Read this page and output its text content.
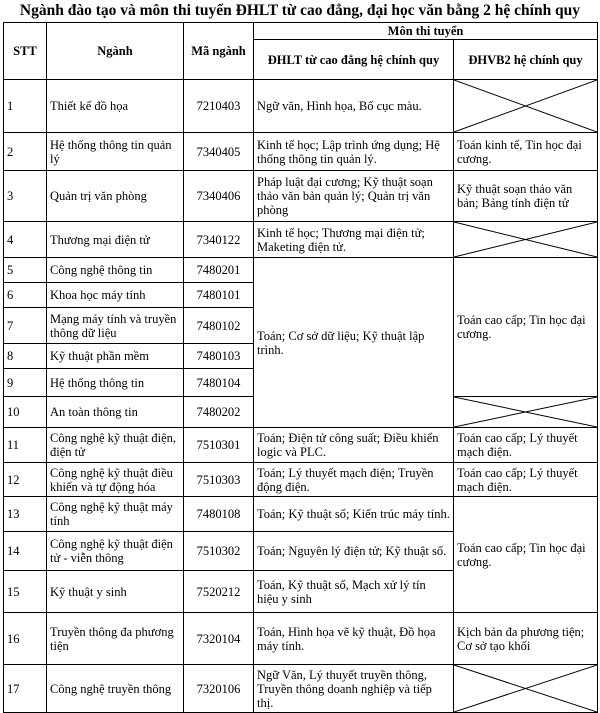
Ngành đào tạo và môn thi tuyển ĐHLT từ cao đẳng, đại học văn bằng 2 hệ chính quy
STT	Ngành	Mã ngành	Môn thi tuyển	
			ĐHLT từ cao đẳng hệ chính quy	ĐHVB2 hệ chính quy
1	Thiết kế đồ họa	7210403	Ngữ văn, Hình họa, Bố cục màu.	

2	Hệ thống thông tin quản lý	7340405	Kinh tế học; Lập trình ứng dụng; Hệ thống thông tin quản lý.	Toán kinh tế, Tin học đại cương.
3	Quản trị văn phòng	7340406	Pháp luật đại cương; Kỹ thuật soạn thảo văn bản quản lý; Quản trị văn phòng	Kỹ thuật soạn thảo văn bản; Bảng tính điện tử
4	Thương mại điện tử	7340122	Kinh tế học; Thương mại điện tử; Maketing điện tử.	

5	Công nghệ thông tin	7480201	Toán; Cơ sở dữ liệu; Kỹ thuật lập trình.	Toán cao cấp; Tin học đại cương.
6	Khoa học máy tính	7480101		
7	Mạng máy tính và truyền thông dữ liệu	7480102		
8	Kỹ thuật phần mềm	7480103		
9	Hệ thống thông tin	7480104		
10	An toàn thông tin	7480202	

11	Công nghệ kỹ thuật điện, điện tử	7510301	Toán; Điện tử công suất; Điều khiển logic và PLC.	Toán cao cấp; Lý thuyết mạch điện.
12	Công nghệ kỹ thuật điều khiển và tự động hóa	7510303	Toán; Lý thuyết mạch điện; Truyền động điện.	Toán cao cấp; Lý thuyết mạch điện.
13	Công nghệ kỹ thuật máy tính	7480108	Toán; Kỹ thuật số; Kiến trúc máy tính.	Toán cao cấp; Tin học đại cương.
14	Công nghệ kỹ thuật điện tử - viễn thông	7510302	Toán; Nguyên lý điện tử; Kỹ thuật số.	
15	Kỹ thuật y sinh	7520212	Toán, Kỹ thuật số, Mạch xử lý tín hiệu y sinh	
16	Truyền thông đa phương tiện	7320104	Toán, Hình họa vẽ kỹ thuật, Đồ họa máy tính.	Kịch bản đa phương tiện; Cơ sở tạo khối
17	Công nghệ truyền thông	7320106	Ngữ Văn, Lý thuyết truyền thông, Truyền thông doanh nghiệp và tiếp thị.	
